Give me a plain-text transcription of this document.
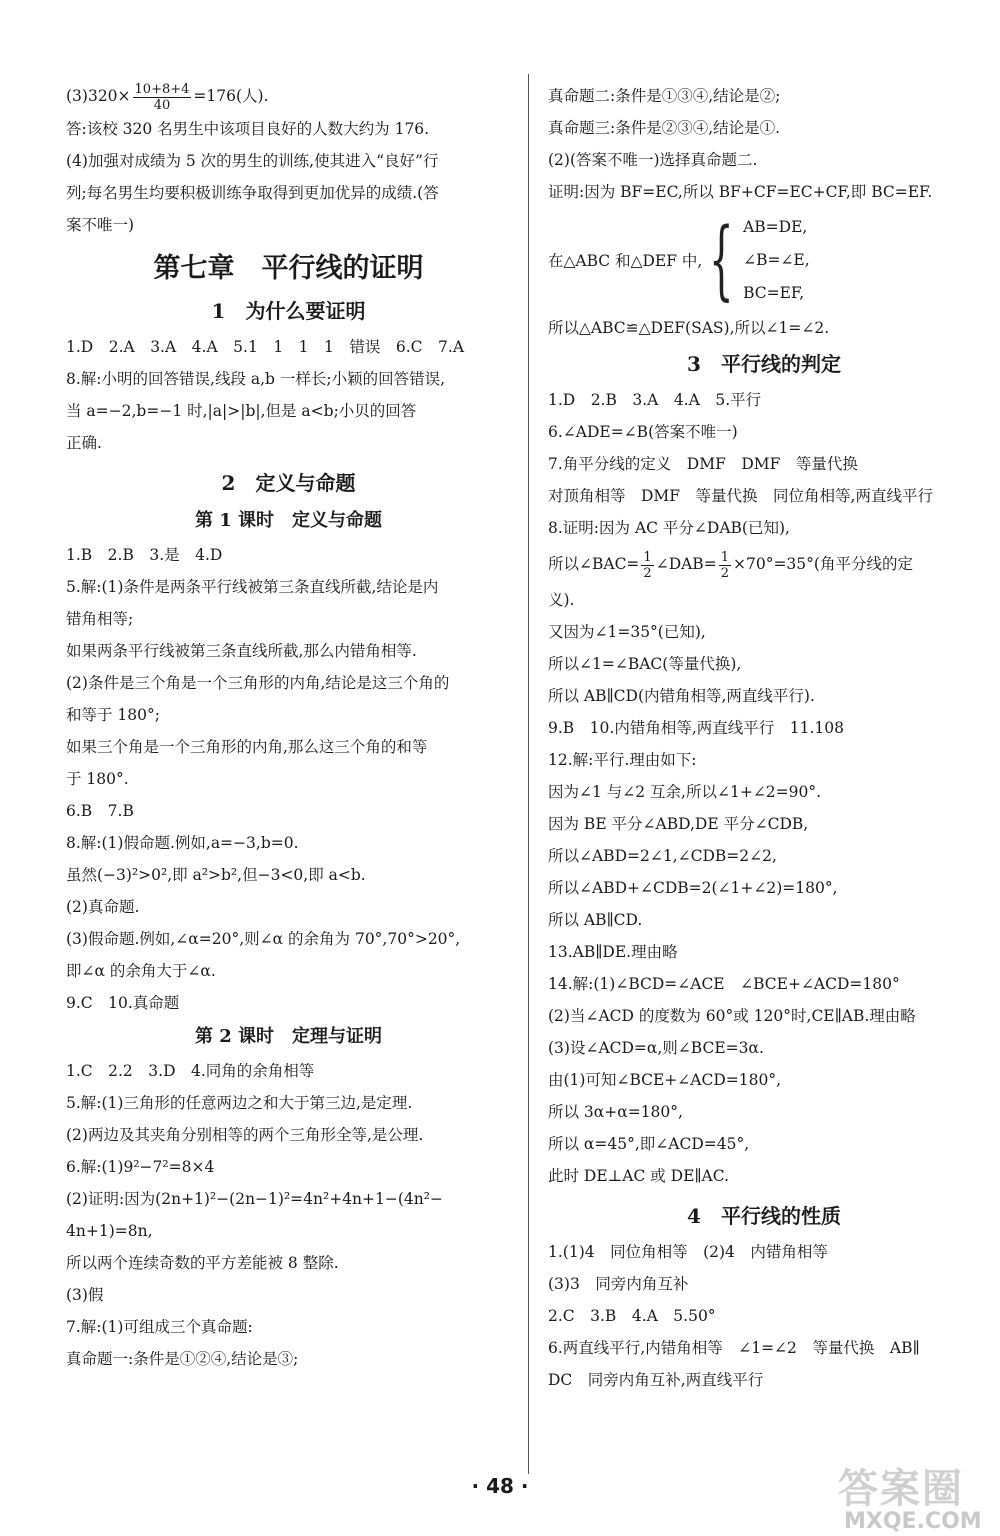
$(3)320\times \frac{10+8+4}{40} =176$(人).
答:该校 320 名男生中该项目良好的人数大约为 176.
(4)加强对成绩为 5 次的男生的训练,使其进入“良好”行
列;每名男生均要积极训练争取得到更加优异的成绩.(答
案不唯一)
第七章　平行线的证明
1　为什么要证明
1.D　2.A　3.A　4.A　5.1　1　1　1　错误　6.C　7.A
8.解:小明的回答错误,线段 a,b 一样长;小颖的回答错误,
当 a=−2,b=−1 时,|a|>|b|,但是 a<b;小贝的回答
正确.
2　定义与命题
第 1 课时　定义与命题
1.B　2.B　3.是　4.D
5.解:(1)条件是两条平行线被第三条直线所截,结论是内
错角相等;
如果两条平行线被第三条直线所截,那么内错角相等.
(2)条件是三个角是一个三角形的内角,结论是这三个角的
和等于 180°;
如果三个角是一个三角形的内角,那么这三个角的和等
于 180°.
6.B　7.B
8.解:(1)假命题.例如,a=−3,b=0.
虽然(−3)²>0²,即 a²>b²,但−3<0,即 a<b.
(2)真命题.
(3)假命题.例如,∠α=20°,则∠α 的余角为 70°,70°>20°,
即∠α 的余角大于∠α.
9.C　10.真命题
第 2 课时　定理与证明
1.C　2.2　3.D　4.同角的余角相等
5.解:(1)三角形的任意两边之和大于第三边,是定理.
(2)两边及其夹角分别相等的两个三角形全等,是公理.
6.解:(1)9²−7²=8×4
(2)证明:因为(2n+1)²−(2n−1)²=4n²+4n+1−(4n²−
4n+1)=8n,
所以两个连续奇数的平方差能被 8 整除.
(3)假
7.解:(1)可组成三个真命题:
真命题一:条件是①②④,结论是③;
真命题二:条件是①③④,结论是②;
真命题三:条件是②③④,结论是①.
(2)(答案不唯一)选择真命题二.
证明:因为 BF=EC,所以 BF+CF=EC+CF,即 BC=EF.
在△ABC 和△DEF 中, { AB=DE,
∠B=∠E,
BC=EF,
所以△ABC≌△DEF(SAS),所以∠1=∠2.
3　平行线的判定
1.D　2.B　3.A　4.A　5.平行
6.∠ADE=∠B(答案不唯一)
7.角平分线的定义　DMF　DMF　等量代换
对顶角相等　DMF　等量代换　同位角相等,两直线平行
8.证明:因为 AC 平分∠DAB(已知),
所以∠BAC= $\frac{1}{2}$ ∠DAB= $\frac{1}{2} \times 70^\circ=35^\circ$(角平分线的定
义).
又因为∠1=35°(已知),
所以∠1=∠BAC(等量代换),
所以 AB∥CD(内错角相等,两直线平行).
9.B　10.内错角相等,两直线平行　11.108
12.解:平行.理由如下:
因为∠1 与∠2 互余,所以∠1+∠2=90°.
因为 BE 平分∠ABD,DE 平分∠CDB,
所以∠ABD=2∠1,∠CDB=2∠2,
所以∠ABD+∠CDB=2(∠1+∠2)=180°,
所以 AB∥CD.
13.AB∥DE.理由略
14.解:(1)∠BCD=∠ACE　∠BCE+∠ACD=180°
(2)当∠ACD 的度数为 60°或 120°时,CE∥AB.理由略
(3)设∠ACD=α,则∠BCE=3α.
由(1)可知∠BCE+∠ACD=180°,
所以 3α+α=180°,
所以 α=45°,即∠ACD=45°,
此时 DE⊥AC 或 DE∥AC.
4　平行线的性质
1.(1)4　同位角相等　(2)4　内错角相等
(3)3　同旁内角互补
2.C　3.B　4.A　5.50°
6.两直线平行,内错角相等　∠1=∠2　等量代换　AB∥
DC　同旁内角互补,两直线平行
· 48 ·	答案圈
MXQE.COM
